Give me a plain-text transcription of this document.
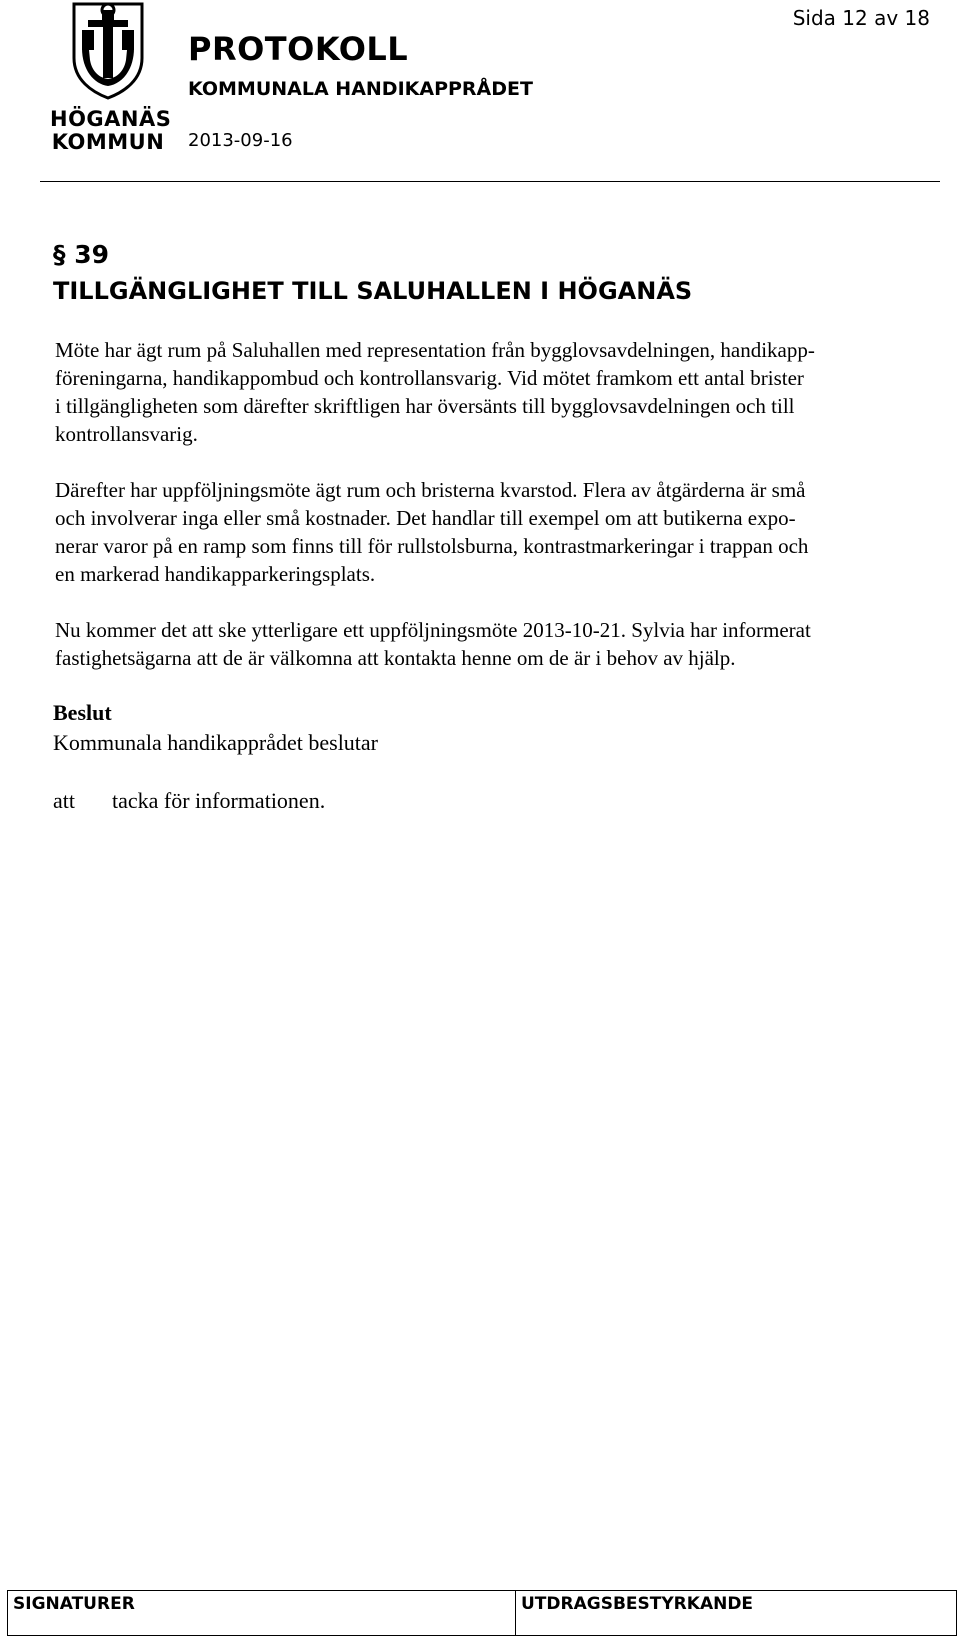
HÖGANÄS
KOMMUN
PROTOKOLL
KOMMUNALA HANDIKAPPRÅDET
2013-09-16
Sida 12 av 18
§ 39
TILLGÄNGLIGHET TILL SALUHALLEN I HÖGANÄS

Möte har ägt rum på Saluhallen med representation från bygglovsavdelningen, handikapp-
föreningarna, handikappombud och kontrollansvarig. Vid mötet framkom ett antal brister
i tillgängligheten som därefter skriftligen har översänts till bygglovsavdelningen och till
kontrollansvarig.

Därefter har uppföljningsmöte ägt rum och bristerna kvarstod. Flera av åtgärderna är små
och involverar inga eller små kostnader. Det handlar till exempel om att butikerna expo-
nerar varor på en ramp som finns till för rullstolsburna, kontrastmarkeringar i trappan och
en markerad handikapparkeringsplats.

Nu kommer det att ske ytterligare ett uppföljningsmöte 2013-10-21. Sylvia har informerat
fastighetsägarna att de är välkomna att kontakta henne om de är i behov av hjälp.

Beslut
Kommunala handikapprådet beslutar
att tacka för informationen.
SIGNATURER	UTDRAGSBESTYRKANDE
